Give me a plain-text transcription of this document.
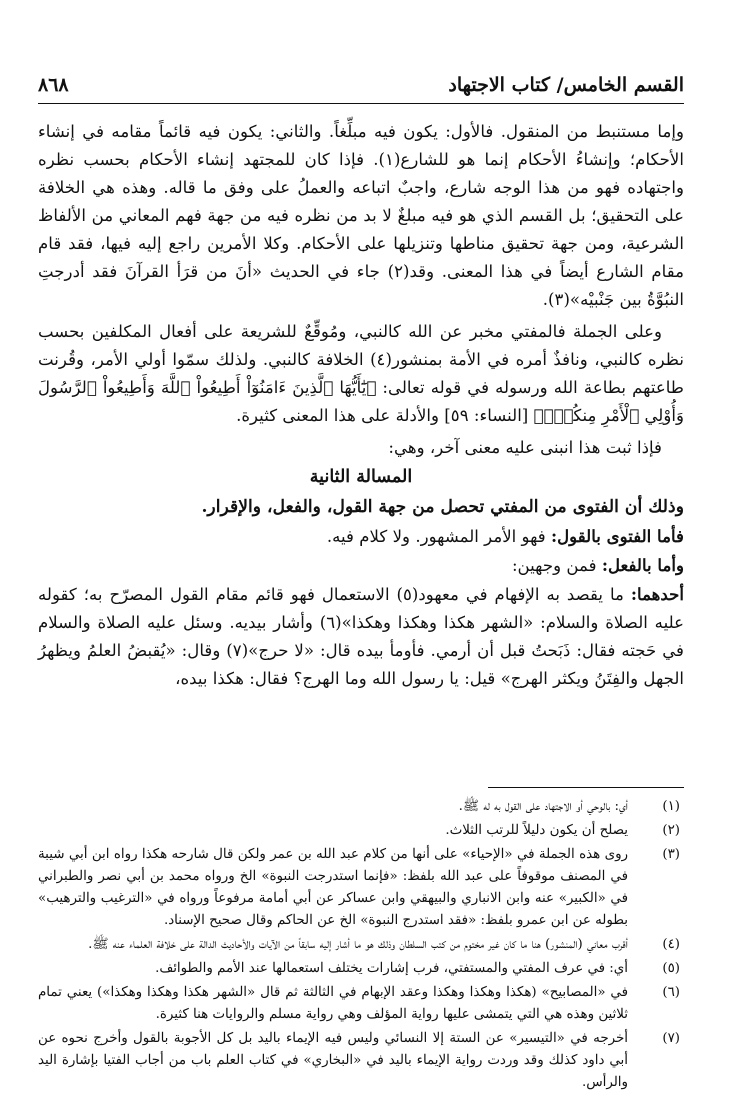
القسم الخامس/ كتاب الاجتهاد
٨٦٨

وإما مستنبط من المنقول. فالأول: يكون فيه مبلِّغاً. والثاني: يكون فيه قائماً مقامه في إنشاء الأحكام؛ وإنشاءُ الأحكام إنما هو للشارع(١). فإذا كان للمجتهد إنشاء الأحكام بحسب نظره واجتهاده فهو من هذا الوجه شارع، واجبٌ اتباعه والعملُ على وفق ما قاله. وهذه هي الخلافة على التحقيق؛ بل القسم الذي هو فيه مبلغٌ لا بد من نظره فيه من جهة فهم المعاني من الألفاظ الشرعية، ومن جهة تحقيق مناطها وتنزيلها على الأحكام. وكلا الأمرين راجع إليه فيها، فقد قام مقام الشارع أيضاً في هذا المعنى. وقد(٢) جاء في الحديث «أنَ من قرَأ القرآنَ فقد أدرجتِ النبُوَّةُ بين جَنْبيْه»(٣).

وعلى الجملة فالمفتي مخبر عن الله كالنبي، ومُوقِّعٌ للشريعة على أفعال المكلفين بحسب نظره كالنبي، ونافذٌ أمره في الأمة بمنشور(٤) الخلافة كالنبي. ولذلك سمّوا أولي الأمر، وقُرنت طاعتهم بطاعة الله ورسوله في قوله تعالى: ﴿يَٰٓأَيُّهَا ٱلَّذِينَ ءَامَنُوٓاْ أَطِيعُواْ ٱللَّهَ وَأَطِيعُواْ ٱلرَّسُولَ وَأُوْلِي ٱلْأَمْرِ مِنكُمْۖ﴾ [النساء: ٥٩] والأدلة على هذا المعنى كثيرة.

فإذا ثبت هذا انبنى عليه معنى آخر، وهي:

المسالة الثانية

وذلك أن الفتوى من المفتي تحصل من جهة القول، والفعل، والإقرار.

فأما الفتوى بالقول: فهو الأمر المشهور. ولا كلام فيه.

وأما بالفعل: فمن وجهين:

أحدهما: ما يقصد به الإفهام في معهود(٥) الاستعمال فهو قائم مقام القول المصرّح به؛ كقوله عليه الصلاة والسلام: «الشهر هكذا وهكذا وهكذا»(٦) وأشار بيديه. وسئل عليه الصلاة والسلام في حَجته فقال: ذَبَحتُ قبل أن أرمي. فأومأ بيده قال: «لا حرج»(٧) وقال: «يُقبضُ العلمُ ويظهرُ الجهل والفِتَنُ ويكثر الهرج» قيل: يا رسول الله وما الهرج؟ فقال: هكذا بيده،

(١)
أي: بالوحي أو الاجتهاد على القول به له ﷺ.
(٢)
يصلح أن يكون دليلاً للرتب الثلاث.
(٣)
روى هذه الجملة في «الإحياء» على أنها من كلام عبد الله بن عمر ولكن قال شارحه هكذا رواه ابن أبي شيبة في المصنف موقوفاً على عبد الله بلفظ: «فإنما استدرجت النبوة» الخ ورواه محمد بن أبي نصر والطبراني في «الكبير» عنه وابن الانباري والبيهقي وابن عساكر عن أبي أمامة مرفوعاً ورواه في «الترغيب والترهيب» بطوله عن ابن عمرو بلفظ: «فقد استدرج النبوة» الخ عن الحاكم وقال صحيح الإسناد.
(٤)
أقرب معاني (المنشور) هنا ما كان غير مختوم من كتب السلطان وذلك هو ما أشار إليه سابقاً من الآيات والأحاديث الدالة على خلافة العلماء عنه ﷺ.
(٥)
أي: في عرف المفتي والمستفتي، فرب إشارات يختلف استعمالها عند الأمم والطوائف.
(٦)
في «المصابيح» (هكذا وهكذا وهكذا وعقد الإبهام في الثالثة ثم قال «الشهر هكذا وهكذا وهكذا») يعني تمام ثلاثين وهذه هي التي يتمشى عليها رواية المؤلف وهي رواية مسلم والروايات هنا كثيرة.
(٧)
أخرجه في «التيسير» عن الستة إلا النسائي وليس فيه الإيماء باليد بل كل الأجوبة بالقول وأخرج نحوه عن أبي داود كذلك وقد وردت رواية الإيماء باليد في «البخاري» في كتاب العلم باب من أجاب الفتيا بإشارة اليد والرأس.
